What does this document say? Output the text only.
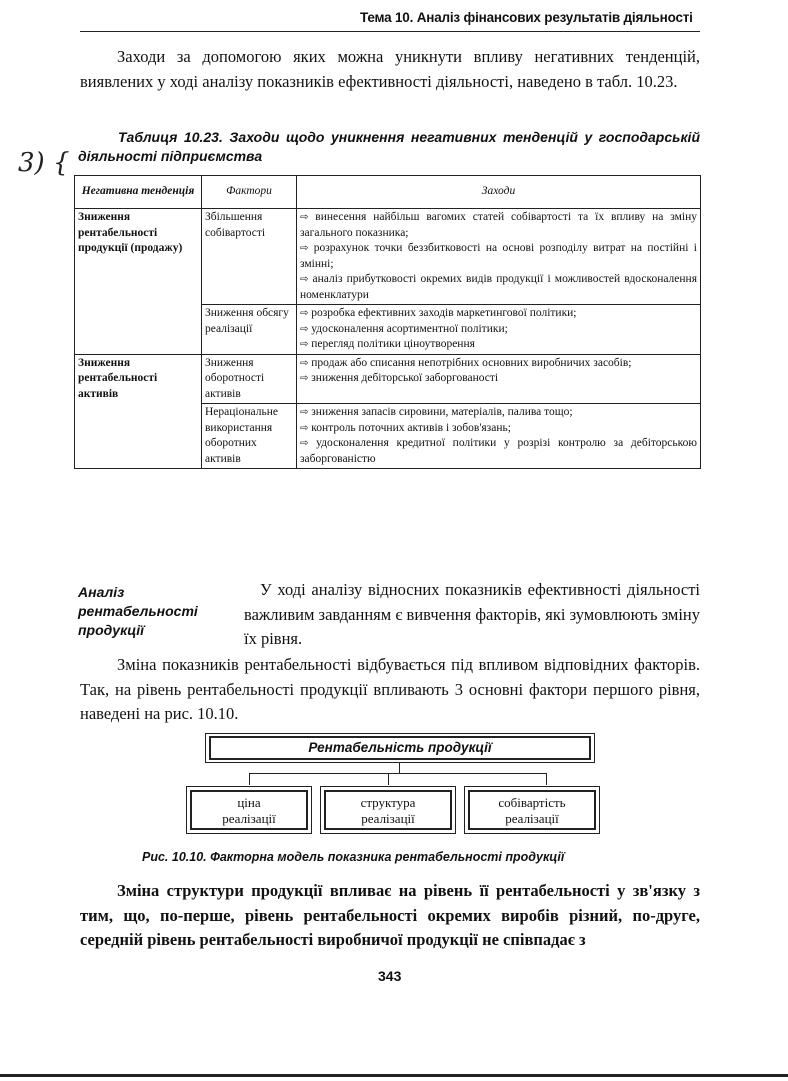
Тема 10. Аналіз фінансових результатів діяльності
3) {
Заходи за допомогою яких можна уникнути впливу негативних тенденцій, виявлених у ході аналізу показників ефективності діяльності, наведено в табл. 10.23.
Таблиця 10.23. Заходи щодо уникнення негативних тенденцій у господарській діяльності підприємства
Негативна тенденція	Фактори	Заходи
Зниження рентабельності продукції (продажу)	Збільшення собівартості	⇨ винесення найбільш вагомих статей собівартості та їх впливу на зміну загального показника;
⇨ розрахунок точки беззбитковості на основі розподілу витрат на постійні і змінні;
⇨ аналіз прибутковості окремих видів продукції і можливостей вдосконалення номенклатури

	Зниження обсягу реалізації	⇨ розробка ефективних заходів маркетингової політики;
⇨ удосконалення асортиментної політики;
⇨ перегляд політики ціноутворення

Зниження рентабельності активів	Зниження оборотності активів	⇨ продаж або списання непотрібних основних виробничих засобів;
⇨ зниження дебіторської заборгованості

	Нераціональне використання оборотних активів	⇨ зниження запасів сировини, матеріалів, палива тощо;
⇨ контроль поточних активів і зобов'язань;
⇨ удосконалення кредитної політики у розрізі контролю за дебіторською заборгованістю
Аналіз рентабельності продукції
У ході аналізу відносних показників ефективності діяльності важливим завданням є вивчення факторів, які зумовлюють зміну їх рівня.
Зміна показників рентабельності відбувається під впливом відповідних факторів. Так, на рівень рентабельності продукції впливають 3 основні фактори першого рівня, наведені на рис. 10.10.
Рентабельність продукції
ціна реалізації
структура реалізації
собівартість реалізації
Рис. 10.10. Факторна модель показника рентабельності продукції
Зміна структури продукції впливає на рівень її рентабельності у зв'язку з тим, що, по-перше, рівень рентабельності окремих виробів різний, по-друге, середній рівень рентабельності виробничої продукції не співпадає з
343
